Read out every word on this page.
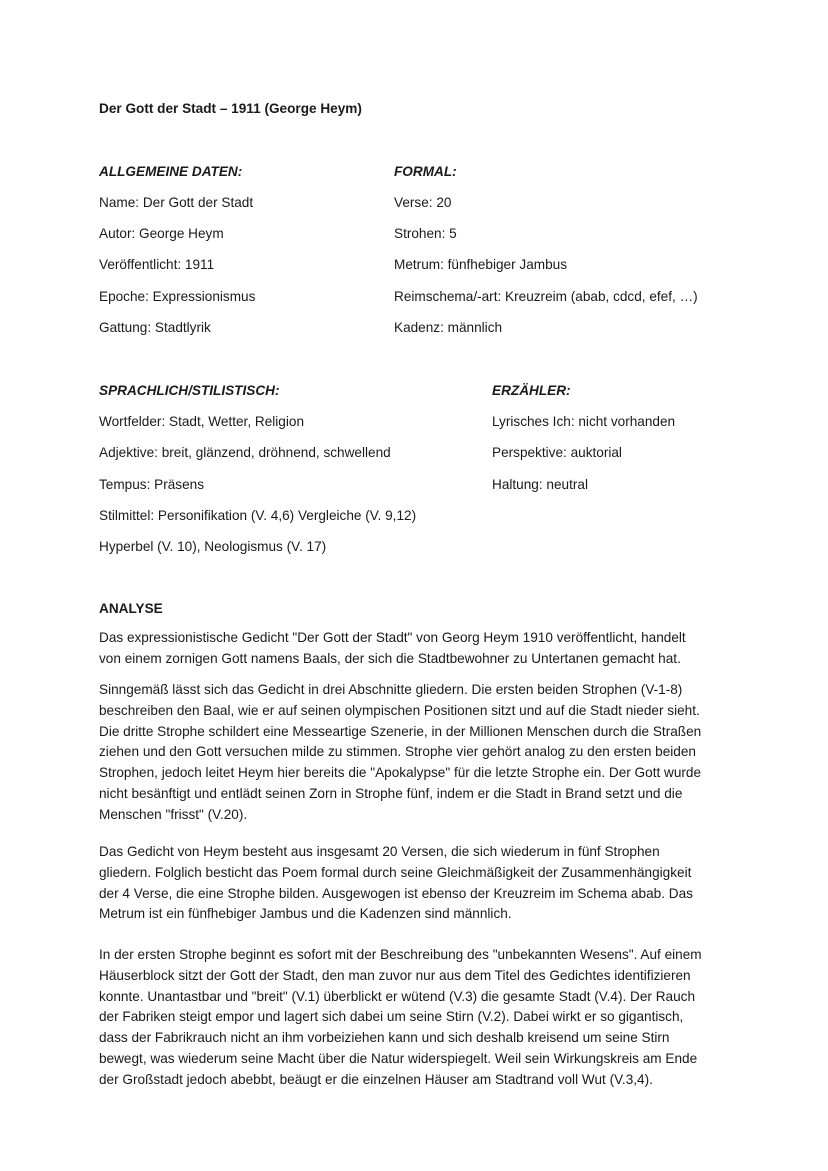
Der Gott der Stadt – 1911 (George Heym)
ALLGEMEINE DATEN:
Name: Der Gott der Stadt
Autor: George Heym
Veröffentlicht: 1911
Epoche: Expressionismus
Gattung: Stadtlyrik
FORMAL:
Verse: 20
Strohen: 5
Metrum: fünfhebiger Jambus
Reimschema/-art: Kreuzreim (abab, cdcd, efef, …)
Kadenz: männlich
SPRACHLICH/STILISTISCH:
Wortfelder: Stadt, Wetter, Religion
Adjektive: breit, glänzend, dröhnend, schwellend
Tempus: Präsens
Stilmittel: Personifikation (V. 4,6) Vergleiche (V. 9,12)
Hyperbel (V. 10), Neologismus (V. 17)
ERZÄHLER:
Lyrisches Ich: nicht vorhanden
Perspektive: auktorial
Haltung: neutral
ANALYSE

Das expressionistische Gedicht "Der Gott der Stadt" von Georg Heym 1910 veröffentlicht, handelt

von einem zornigen Gott namens Baals, der sich die Stadtbewohner zu Untertanen gemacht hat.

Sinngemäß lässt sich das Gedicht in drei Abschnitte gliedern. Die ersten beiden Strophen (V-1-8)

beschreiben den Baal, wie er auf seinen olympischen Positionen sitzt und auf die Stadt nieder sieht.

Die dritte Strophe schildert eine Messeartige Szenerie, in der Millionen Menschen durch die Straßen

ziehen und den Gott versuchen milde zu stimmen. Strophe vier gehört analog zu den ersten beiden

Strophen, jedoch leitet Heym hier bereits die "Apokalypse" für die letzte Strophe ein. Der Gott wurde

nicht besänftigt und entlädt seinen Zorn in Strophe fünf, indem er die Stadt in Brand setzt und die

Menschen "frisst" (V.20).

Das Gedicht von Heym besteht aus insgesamt 20 Versen, die sich wiederum in fünf Strophen

gliedern. Folglich besticht das Poem formal durch seine Gleichmäßigkeit der Zusammenhängigkeit

der 4 Verse, die eine Strophe bilden. Ausgewogen ist ebenso der Kreuzreim im Schema abab. Das

Metrum ist ein fünfhebiger Jambus und die Kadenzen sind männlich.

In der ersten Strophe beginnt es sofort mit der Beschreibung des "unbekannten Wesens". Auf einem

Häuserblock sitzt der Gott der Stadt, den man zuvor nur aus dem Titel des Gedichtes identifizieren

konnte. Unantastbar und "breit" (V.1) überblickt er wütend (V.3) die gesamte Stadt (V.4). Der Rauch

der Fabriken steigt empor und lagert sich dabei um seine Stirn (V.2). Dabei wirkt er so gigantisch,

dass der Fabrikrauch nicht an ihm vorbeiziehen kann und sich deshalb kreisend um seine Stirn

bewegt, was wiederum seine Macht über die Natur widerspiegelt. Weil sein Wirkungskreis am Ende

der Großstadt jedoch abebbt, beäugt er die einzelnen Häuser am Stadtrand voll Wut (V.3,4).
